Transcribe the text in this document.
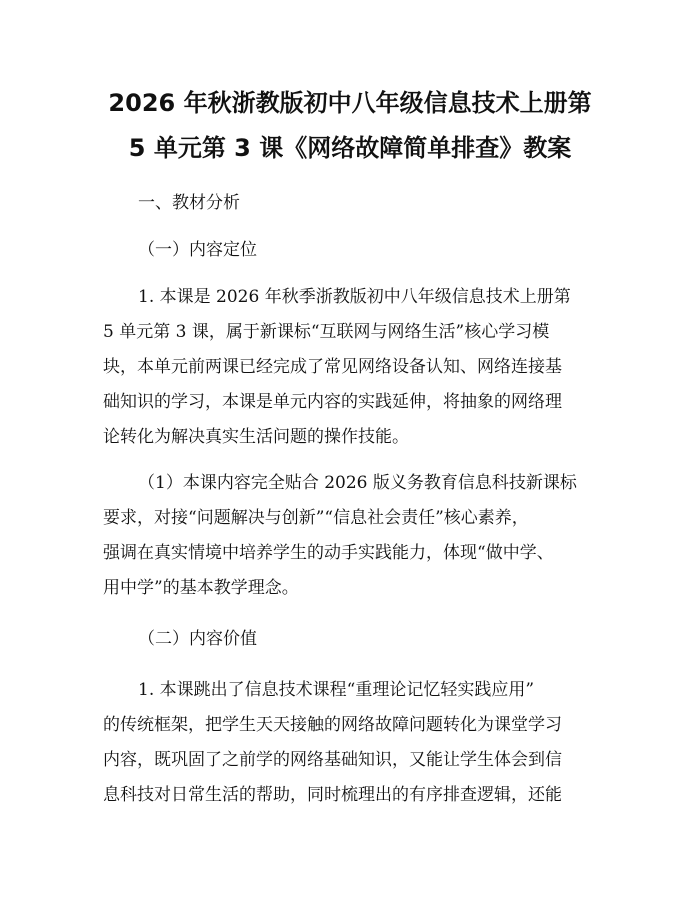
2026 年秋浙教版初中八年级信息技术上册第
5 单元第 3 课《网络故障简单排查》教案
一、教材分析
（一）内容定位
1. 本课是 2026 年秋季浙教版初中八年级信息技术上册第
5 单元第 3 课，属于新课标“互联网与网络生活”核心学习模
块，本单元前两课已经完成了常见网络设备认知、网络连接基
础知识的学习，本课是单元内容的实践延伸，将抽象的网络理
论转化为解决真实生活问题的操作技能。
（1）本课内容完全贴合 2026 版义务教育信息科技新课标
要求，对接“问题解决与创新”“信息社会责任”核心素养，
强调在真实情境中培养学生的动手实践能力，体现“做中学、
用中学”的基本教学理念。
（二）内容价值
1. 本课跳出了信息技术课程“重理论记忆轻实践应用”
的传统框架，把学生天天接触的网络故障问题转化为课堂学习
内容，既巩固了之前学的网络基础知识，又能让学生体会到信
息科技对日常生活的帮助，同时梳理出的有序排查逻辑，还能
